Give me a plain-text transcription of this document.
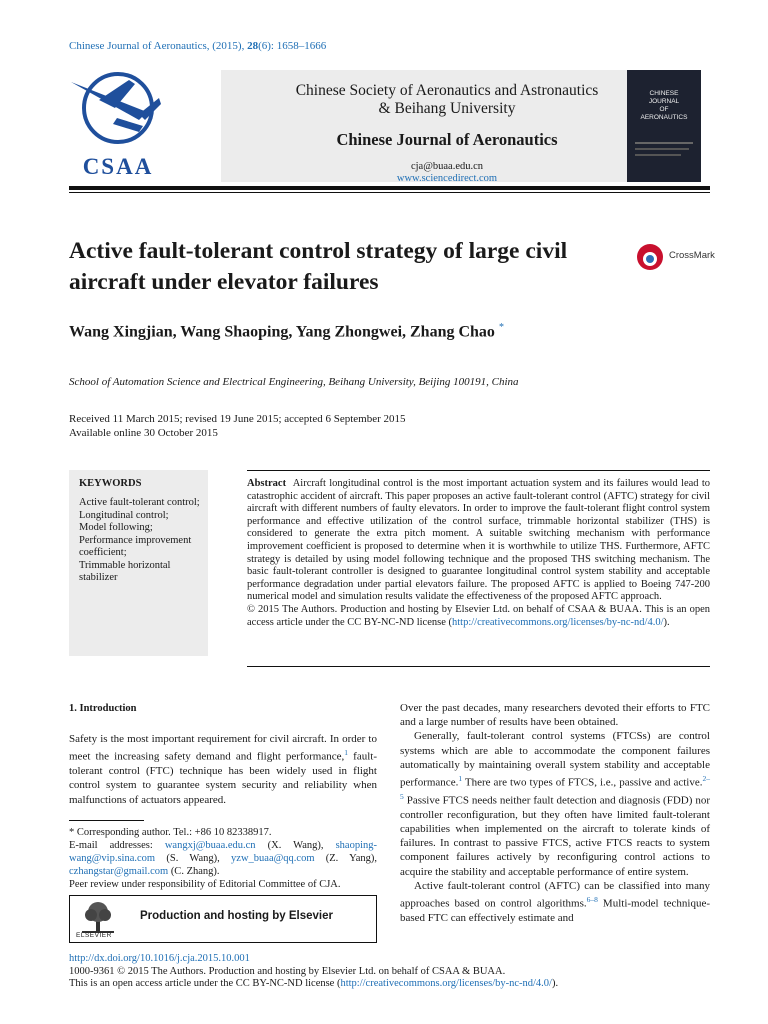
Chinese Journal of Aeronautics, (2015), 28(6): 1658–1666
CSAA
Chinese Society of Aeronautics and Astronautics
& Beihang University
Chinese Journal of Aeronautics
cja@buaa.edu.cn
www.sciencedirect.com
CHINESE
JOURNAL
OF
AERONAUTICS
Active fault-tolerant control strategy of large civil aircraft under elevator failures
CrossMark
Wang Xingjian, Wang Shaoping, Yang Zhongwei, Zhang Chao *
School of Automation Science and Electrical Engineering, Beihang University, Beijing 100191, China
Received 11 March 2015; revised 19 June 2015; accepted 6 September 2015
Available online 30 October 2015
KEYWORDS
Active fault-tolerant control;
Longitudinal control;
Model following;
Performance improvement coefficient;
Trimmable horizontal stabilizer
Abstract Aircraft longitudinal control is the most important actuation system and its failures would lead to catastrophic accident of aircraft. This paper proposes an active fault-tolerant control (AFTC) strategy for civil aircraft with different numbers of faulty elevators. In order to improve the fault-tolerant flight control system performance and effective utilization of the control surface, trimmable horizontal stabilizer (THS) is considered to generate the extra pitch moment. A suitable switching mechanism with performance improvement coefficient is proposed to determine when it is worthwhile to utilize THS. Furthermore, AFTC strategy is detailed by using model following technique and the proposed THS switching mechanism. The basic fault-tolerant controller is designed to guarantee longitudinal control system stability and acceptable performance degradation under partial elevators failure. The proposed AFTC is applied to Boeing 747-200 numerical model and simulation results validate the effectiveness of the proposed AFTC approach.
© 2015 The Authors. Production and hosting by Elsevier Ltd. on behalf of CSAA & BUAA. This is an open access article under the CC BY-NC-ND license (http://creativecommons.org/licenses/by-nc-nd/4.0/).
1. Introduction

Safety is the most important requirement for civil aircraft. In order to meet the increasing safety demand and flight performance,$^1$ fault-tolerant control (FTC) technique has been widely used in flight control system to guarantee system security and reliability when malfunctions of actuators appeared.

Over the past decades, many researchers devoted their efforts to FTC and a large number of results have been obtained.

Generally, fault-tolerant control systems (FTCSs) are control systems which are able to accommodate the component failures automatically by maintaining overall system stability and acceptable performance.$^1$ There are two types of FTCS, i.e., passive and active.$^{2-5}$ Passive FTCS needs neither fault detection and diagnosis (FDD) nor controller reconfiguration, but they often have limited fault-tolerant capabilities when implemented on the aircraft to tolerate kinds of failures. In contrast to passive FTCS, active FTCS reacts to system component failures actively by reconfiguring control actions to acquire the stability and acceptable performance of entire system.

Active fault-tolerant control (AFTC) can be classified into many approaches based on control algorithms.$^{6-8}$ Multi-model technique-based FTC can effectively estimate and

* Corresponding author. Tel.: +86 10 82338917.
E-mail addresses: wangxj@buaa.edu.cn (X. Wang), shaoping-wang@vip.sina.com (S. Wang), yzw_buaa@qq.com (Z. Yang), czhangstar@gmail.com (C. Zhang).
Peer review under responsibility of Editorial Committee of CJA.
ELSEVIER
Production and hosting by Elsevier
http://dx.doi.org/10.1016/j.cja.2015.10.001
1000-9361 © 2015 The Authors. Production and hosting by Elsevier Ltd. on behalf of CSAA & BUAA.
This is an open access article under the CC BY-NC-ND license (http://creativecommons.org/licenses/by-nc-nd/4.0/).
